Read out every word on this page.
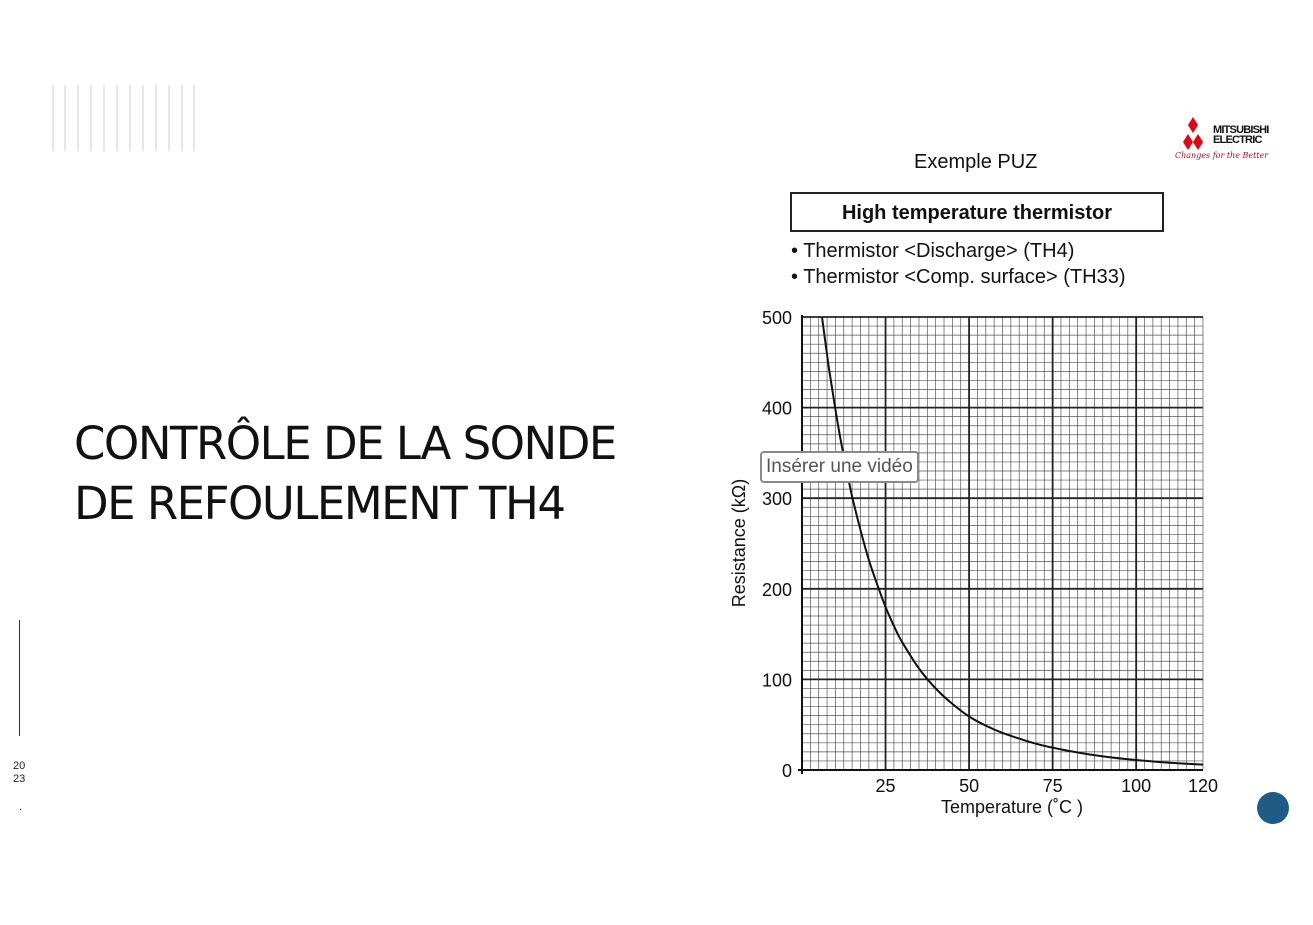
CONTRÔLE DE LA SONDE
DE REFOULEMENT TH4
20
23
.
MITSUBISHI
ELECTRIC
Changes for the Better
Exemple PUZ
High temperature thermistor
• Thermistor <Discharge> (TH4)
• Thermistor <Comp. surface> (TH33)
0
100
200
300
400
500
25	50	75	100 120
Temperature (˚C )
Resistance (kΩ)
Insérer une vidéo
